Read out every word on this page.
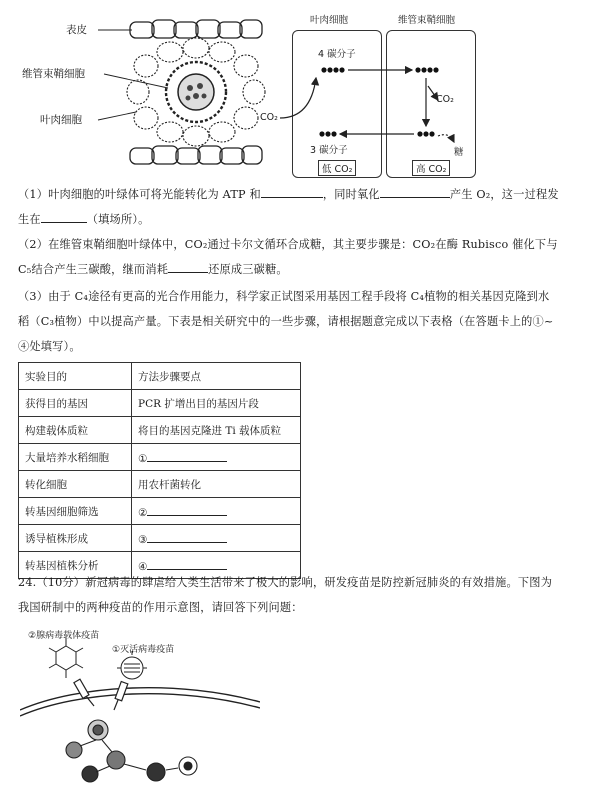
表皮
维管束鞘细胞
叶肉细胞
叶肉细胞	维管束鞘细胞
4 碳分子
3 碳分子
CO₂
CO₂
糖
低 CO₂	高 CO₂
（1）叶肉细胞的叶绿体可将光能转化为 ATP 和	，同时氧化	产生 O₂，这一过程发
生在	（填场所）。
（2）在维管束鞘细胞叶绿体中，CO₂通过卡尔文循环合成糖，其主要步骤是：CO₂在酶 Rubisco 催化下与
C₅结合产生三碳酸，继而消耗	还原成三碳糖。
（3）由于 C₄途径有更高的光合作用能力，科学家正试图采用基因工程手段将 C₄植物的相关基因克隆到水
稻（C₃植物）中以提高产量。下表是相关研究中的一些步骤，请根据题意完成以下表格（在答题卡上的①~
④处填写）。
实验目的	方法步骤要点
获得目的基因	PCR 扩增出目的基因片段
构建载体质粒	将目的基因克隆进 Ti 载体质粒
大量培养水稻细胞	①
转化细胞	用农杆菌转化
转基因细胞筛选	②
诱导植株形成	③
转基因植株分析	④
24.（10分）新冠病毒的肆虐给人类生活带来了极大的影响，研发疫苗是防控新冠肺炎的有效措施。下图为
我国研制中的两种疫苗的作用示意图，请回答下列问题：
②腺病毒载体疫苗
①灭活病毒疫苗
